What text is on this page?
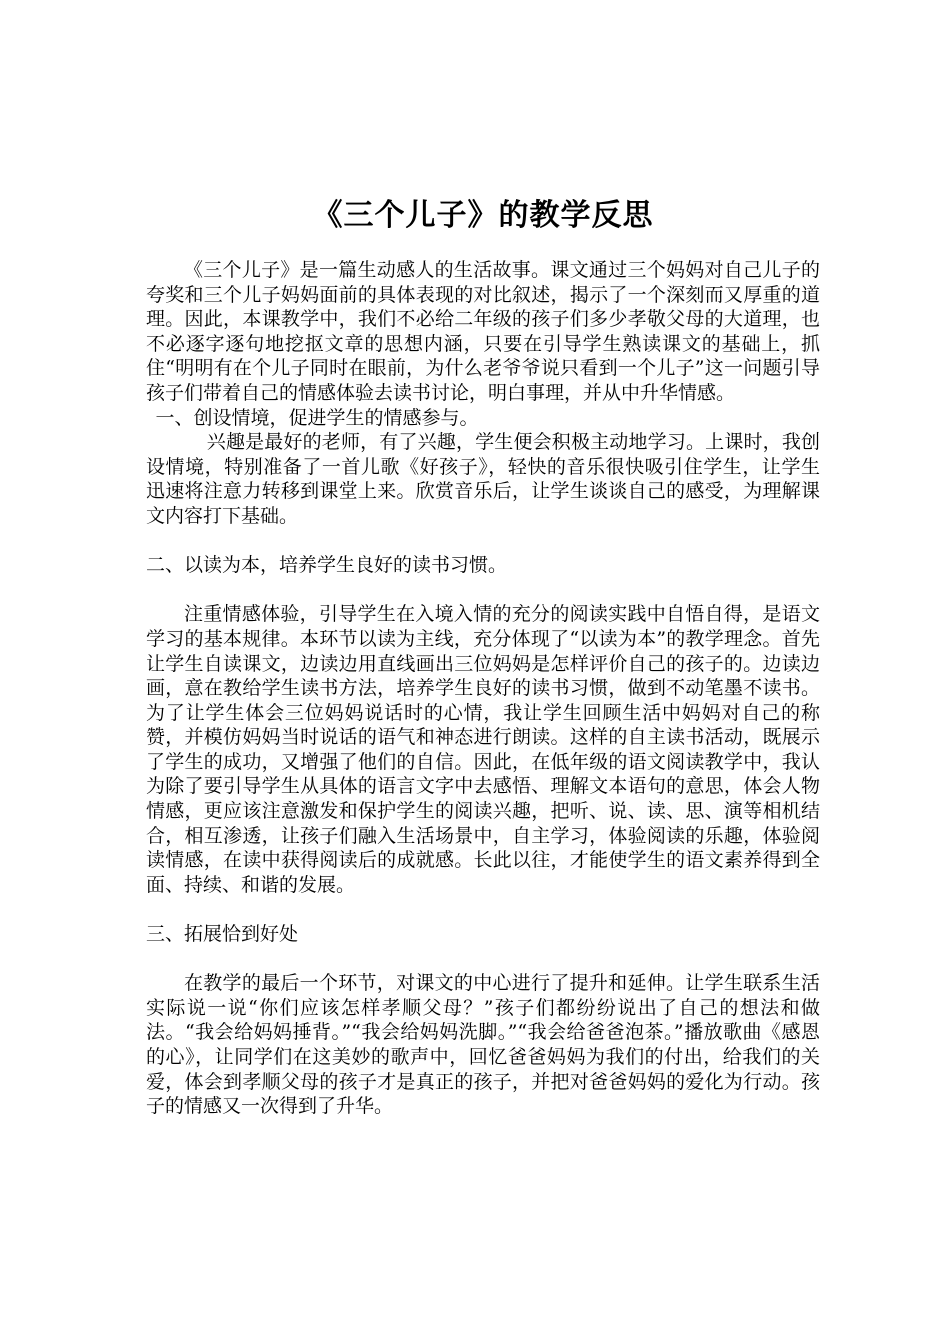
《三个儿子》的教学反思

《三个儿子》是一篇生动感人的生活故事。课文通过三个妈妈对自己儿子的夸奖和三个儿子妈妈面前的具体表现的对比叙述，揭示了一个深刻而又厚重的道理。因此，本课教学中，我们不必给二年级的孩子们多少孝敬父母的大道理，也不必逐字逐句地挖抠文章的思想内涵，只要在引导学生熟读课文的基础上，抓住“明明有在个儿子同时在眼前，为什么老爷爷说只看到一个儿子”这一问题引导孩子们带着自己的情感体验去读书讨论，明白事理，并从中升华情感。

一、创设情境，促进学生的情感参与。

兴趣是最好的老师，有了兴趣，学生便会积极主动地学习。上课时，我创设情境，特别准备了一首儿歌《好孩子》，轻快的音乐很快吸引住学生，让学生迅速将注意力转移到课堂上来。欣赏音乐后，让学生谈谈自己的感受，为理解课文内容打下基础。

二、以读为本，培养学生良好的读书习惯。

注重情感体验，引导学生在入境入情的充分的阅读实践中自悟自得，是语文学习的基本规律。本环节以读为主线，充分体现了“以读为本”的教学理念。首先让学生自读课文，边读边用直线画出三位妈妈是怎样评价自己的孩子的。边读边画，意在教给学生读书方法，培养学生良好的读书习惯，做到不动笔墨不读书。为了让学生体会三位妈妈说话时的心情，我让学生回顾生活中妈妈对自己的称赞，并模仿妈妈当时说话的语气和神态进行朗读。这样的自主读书活动，既展示了学生的成功，又增强了他们的自信。因此，在低年级的语文阅读教学中，我认为除了要引导学生从具体的语言文字中去感悟、理解文本语句的意思，体会人物情感，更应该注意激发和保护学生的阅读兴趣，把听、说、读、思、演等相机结合，相互渗透，让孩子们融入生活场景中，自主学习，体验阅读的乐趣，体验阅读情感，在读中获得阅读后的成就感。长此以往，才能使学生的语文素养得到全面、持续、和谐的发展。

三、拓展恰到好处

在教学的最后一个环节，对课文的中心进行了提升和延伸。让学生联系生活实际说一说“你们应该怎样孝顺父母？”孩子们都纷纷说出了自己的想法和做法。“我会给妈妈捶背。”“我会给妈妈洗脚。”“我会给爸爸泡茶。”播放歌曲《感恩的心》，让同学们在这美妙的歌声中，回忆爸爸妈妈为我们的付出，给我们的关爱，体会到孝顺父母的孩子才是真正的孩子，并把对爸爸妈妈的爱化为行动。孩子的情感又一次得到了升华。
